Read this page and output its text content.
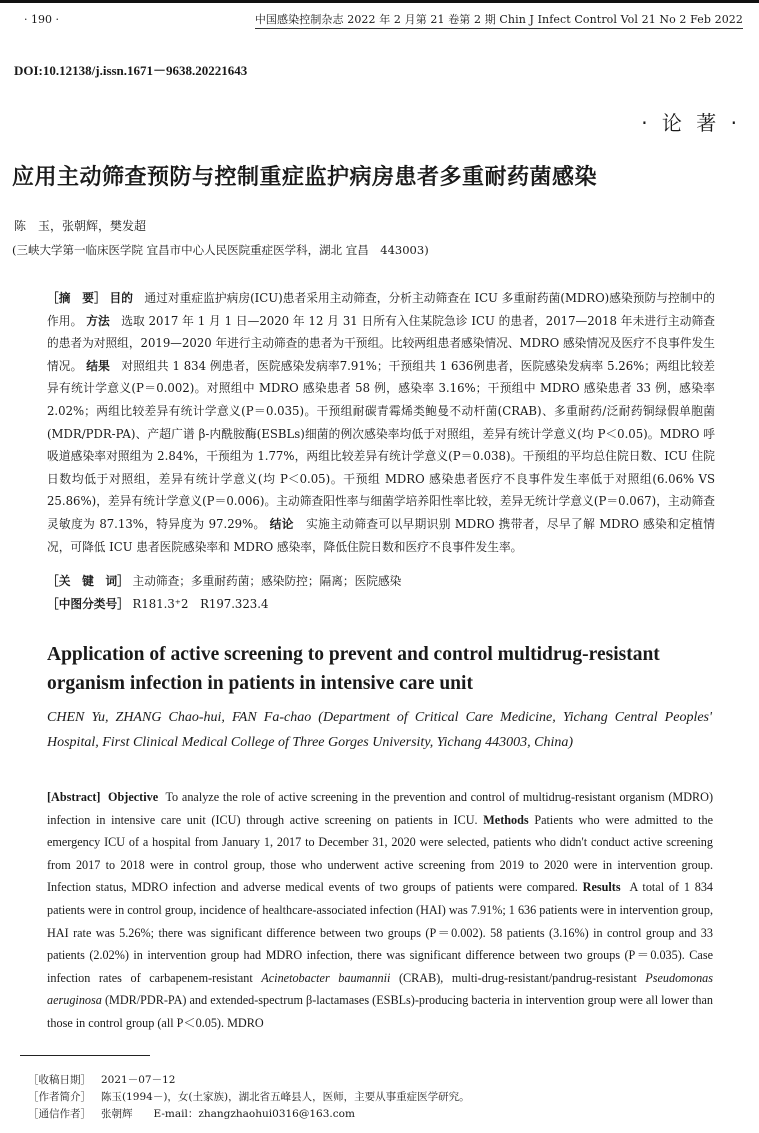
· 190 ·	中国感染控制杂志 2022 年 2 月第 21 卷第 2 期 Chin J Infect Control Vol 21 No 2 Feb 2022
DOI:10.12138/j.issn.1671－9638.20221643
· 论 著 ·
应用主动筛查预防与控制重症监护病房患者多重耐药菌感染
陈　玉，张朝辉，樊发超
(三峡大学第一临床医学院 宜昌市中心人民医院重症医学科，湖北 宜昌　443003)
［摘　要］ 目的 通过对重症监护病房(ICU)患者采用主动筛查，分析主动筛查在 ICU 多重耐药菌(MDRO)感染预防与控制中的作用。 方法 选取 2017 年 1 月 1 日—2020 年 12 月 31 日所有入住某院急诊 ICU 的患者，2017—2018 年未进行主动筛查的患者为对照组，2019—2020 年进行主动筛查的患者为干预组。比较两组患者感染情况、MDRO 感染情况及医疗不良事件发生情况。 结果 对照组共 1 834 例患者，医院感染发病率7.91%；干预组共 1 636例患者，医院感染发病率 5.26%；两组比较差异有统计学意义(P＝0.002)。对照组中 MDRO 感染患者 58 例，感染率 3.16%；干预组中 MDRO 感染患者 33 例，感染率 2.02%；两组比较差异有统计学意义(P＝0.035)。干预组耐碳青霉烯类鲍曼不动杆菌(CRAB)、多重耐药/泛耐药铜绿假单胞菌(MDR/PDR-PA)、产超广谱 β-内酰胺酶(ESBLs)细菌的例次感染率均低于对照组，差异有统计学意义(均 P＜0.05)。MDRO 呼吸道感染率对照组为 2.84%，干预组为 1.77%，两组比较差异有统计学意义(P＝0.038)。干预组的平均总住院日数、ICU 住院日数均低于对照组，差异有统计学意义(均 P＜0.05)。干预组 MDRO 感染患者医疗不良事件发生率低于对照组(6.06% VS 25.86%)，差异有统计学意义(P＝0.006)。主动筛查阳性率与细菌学培养阳性率比较，差异无统计学意义(P＝0.067)，主动筛查灵敏度为 87.13%，特异度为 97.29%。 结论 实施主动筛查可以早期识别 MDRO 携带者，尽早了解 MDRO 感染和定植情况，可降低 ICU 患者医院感染率和 MDRO 感染率，降低住院日数和医疗不良事件发生率。
［关　键　词］ 主动筛查；多重耐药菌；感染防控；隔离；医院感染
［中图分类号］ R181.3⁺2　R197.323.4
Application of active screening to prevent and control multidrug-resistant organism infection in patients in intensive care unit
CHEN Yu, ZHANG Chao-hui, FAN Fa-chao (Department of Critical Care Medicine, Yichang Central Peoples' Hospital, First Clinical Medical College of Three Gorges University, Yichang 443003, China)
[Abstract] Objective To analyze the role of active screening in the prevention and control of multidrug-resistant organism (MDRO) infection in intensive care unit (ICU) through active screening on patients in ICU. Methods Patients who were admitted to the emergency ICU of a hospital from January 1, 2017 to December 31, 2020 were selected, patients who didn't conduct active screening from 2017 to 2018 were in control group, those who underwent active screening from 2019 to 2020 were in intervention group. Infection status, MDRO infection and adverse medical events of two groups of patients were compared. Results A total of 1 834 patients were in control group, incidence of healthcare-associated infection (HAI) was 7.91%; 1 636 patients were in intervention group, HAI rate was 5.26%; there was significant difference between two groups (P＝0.002). 58 patients (3.16%) in control group and 33 patients (2.02%) in intervention group had MDRO infection, there was significant difference between two groups (P＝0.035). Case infection rates of carbapenem-resistant Acinetobacter baumannii (CRAB), multi-drug-resistant/pandrug-resistant Pseudomonas aeruginosa (MDR/PDR-PA) and extended-spectrum β-lactamases (ESBLs)-producing bacteria in intervention group were all lower than those in control group (all P＜0.05). MDRO
［收稿日期］ 2021－07－12
［作者简介］ 陈玉(1994－)，女(土家族)，湖北省五峰县人，医师，主要从事重症医学研究。
［通信作者］ 张朝辉　　E-mail：zhangzhaohui0316@163.com
